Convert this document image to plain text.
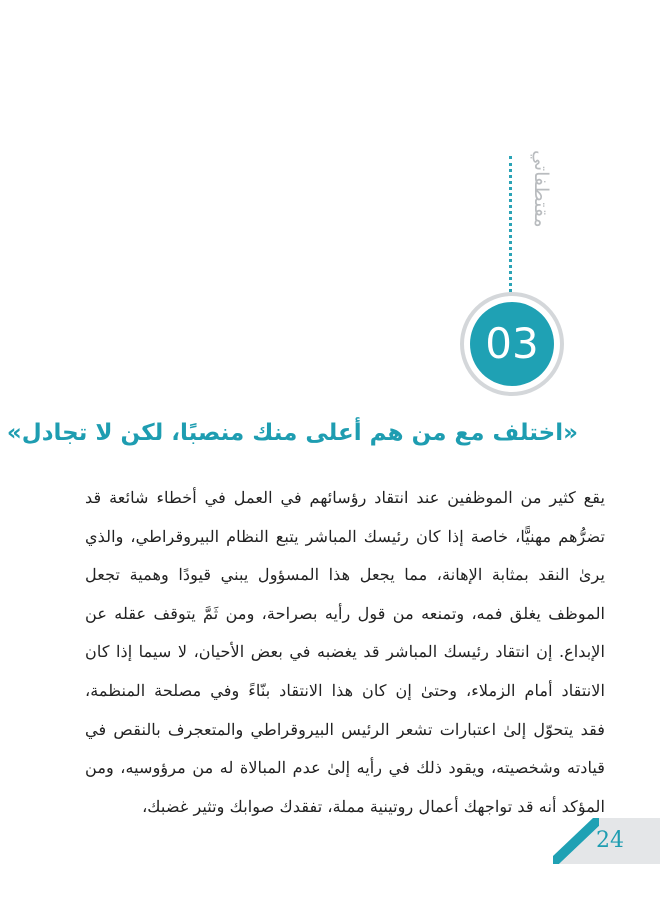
مقتطفاتي
03
«اختلف مع من هم أعلى منك منصبًا، لكن لا تجادل»
يقع كثير من الموظفين عند انتقاد رؤسائهم في العمل في أخطاء شائعة قد
تضرُّهم مهنيًّا، خاصة إذا كان رئيسك المباشر يتبع النظام البيروقراطي، والذي
يرىٰ النقد بمثابة الإهانة، مما يجعل هذا المسؤول يبني قيودًا وهمية تجعل
الموظف يغلق فمه، وتمنعه من قول رأيه بصراحة، ومن ثَمَّ يتوقف عقله عن
الإبداع. إن انتقاد رئيسك المباشر قد يغضبه في بعض الأحيان، لا سيما إذا كان
الانتقاد أمام الزملاء، وحتىٰ إن كان هذا الانتقاد بنّاءً وفي مصلحة المنظمة،
فقد يتحوّل إلىٰ اعتبارات تشعر الرئيس البيروقراطي والمتعجرف بالنقص في
قيادته وشخصيته، ويقود ذلك في رأيه إلىٰ عدم المبالاة له من مرؤوسيه، ومن
المؤكد أنه قد تواجهك أعمال روتينية مملة، تفقدك صوابك وتثير غضبك،
24
